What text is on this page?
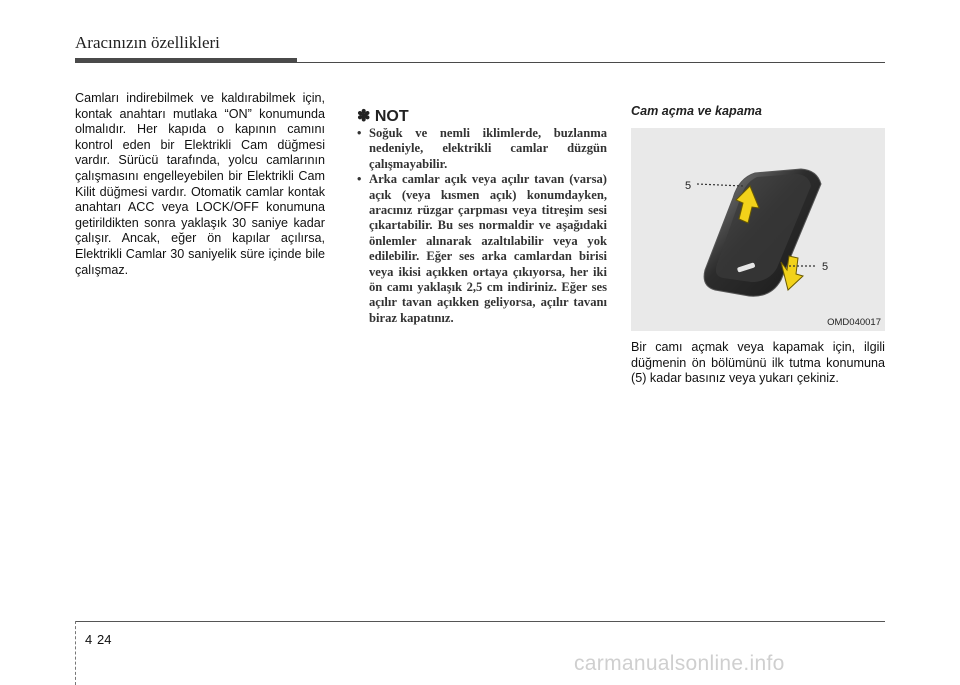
Aracınızın özellikleri
Camları indirebilmek ve kaldırabilmek için, kontak anahtarı mutlaka “ON” konumunda olmalıdır. Her kapıda o kapının camını kontrol eden bir Elektrikli Cam düğmesi vardır. Sürücü tarafında, yolcu camlarının çalışmasını engelleyebilen bir Elektrikli Cam Kilit düğmesi vardır. Otomatik camlar kontak anahtarı ACC veya LOCK/OFF konumuna getirildikten sonra yaklaşık 30 saniye kadar çalışır. Ancak, eğer ön kapılar açılırsa, Elektrikli Camlar 30 saniyelik süre içinde bile çalışmaz.
✽ NOT
• Soğuk ve nemli iklimlerde, buzlanma nedeniyle, elektrikli camlar düzgün çalışmayabilir.
• Arka camlar açık veya açılır tavan (varsa) açık (veya kısmen açık) konumdayken, aracınız rüzgar çarpması veya titreşim sesi çıkartabilir. Bu ses normaldir ve aşağıdaki önlemler alınarak azaltılabilir veya yok edilebilir. Eğer ses arka camlardan birisi veya ikisi açıkken ortaya çıkıyorsa, her iki ön camı yaklaşık 2,5 cm indiriniz. Eğer ses açılır tavan açıkken geliyorsa, açılır tavanı biraz kapatınız.
Cam açma ve kapama
5
5
OMD040017
Bir camı açmak veya kapamak için, ilgili düğmenin ön bölümünü ilk tutma konumuna (5) kadar basınız veya yukarı çekiniz.
4 24
carmanualsonline.info
